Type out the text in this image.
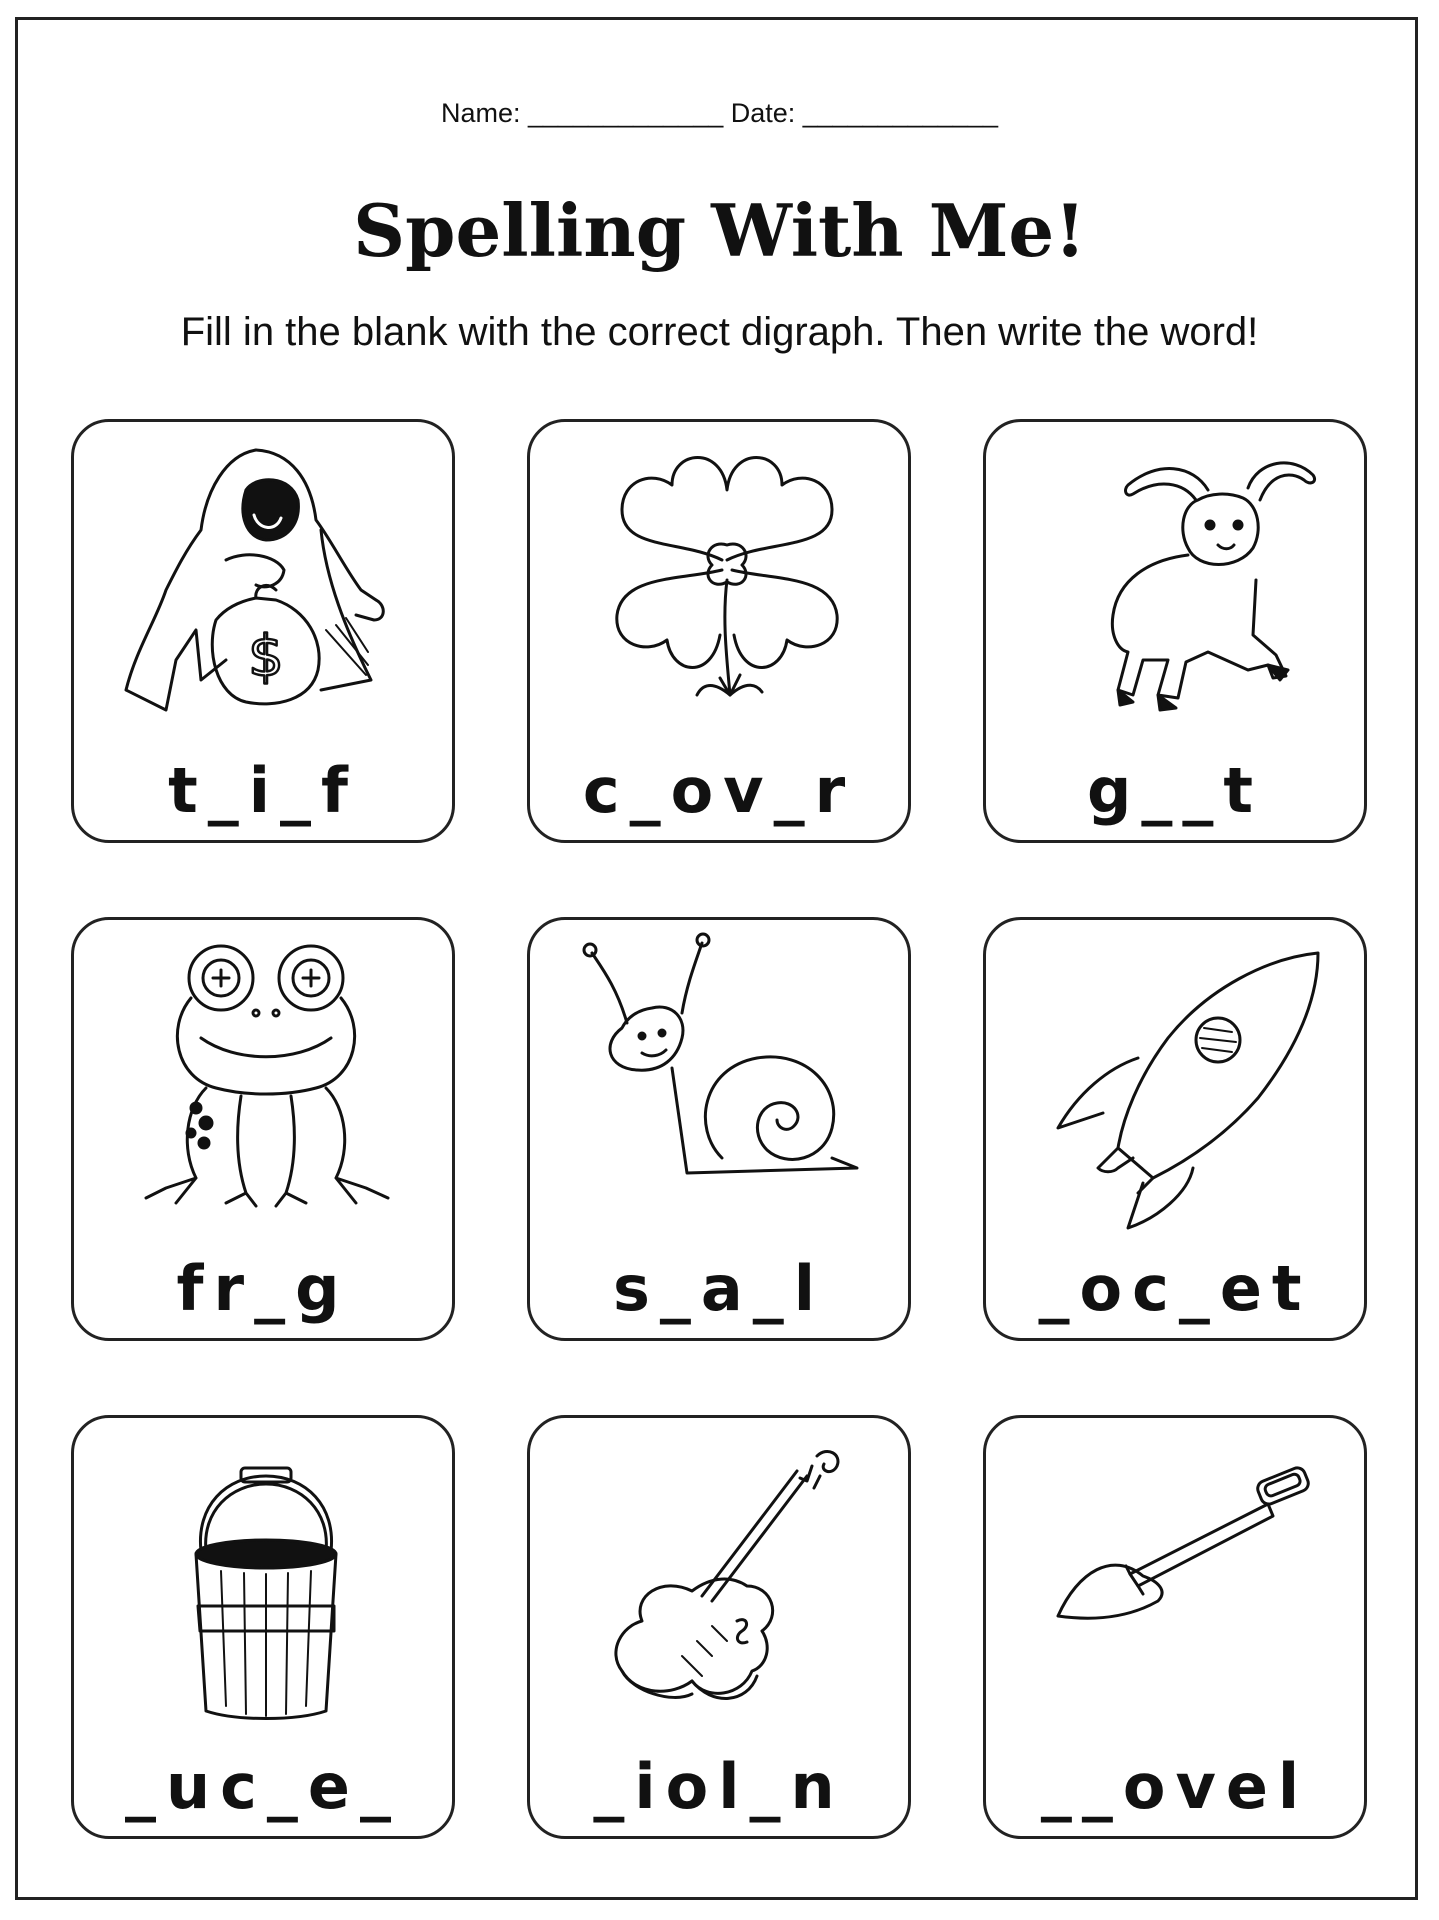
Name: _____________ Date: _____________
Spelling With Me!
Fill in the blank with the correct digraph. Then write the word!
$
t_i_f	c_ov_r	g__t
fr_g	s_a_l	_oc_et
_uc_e_	_iol_n	__ovel
